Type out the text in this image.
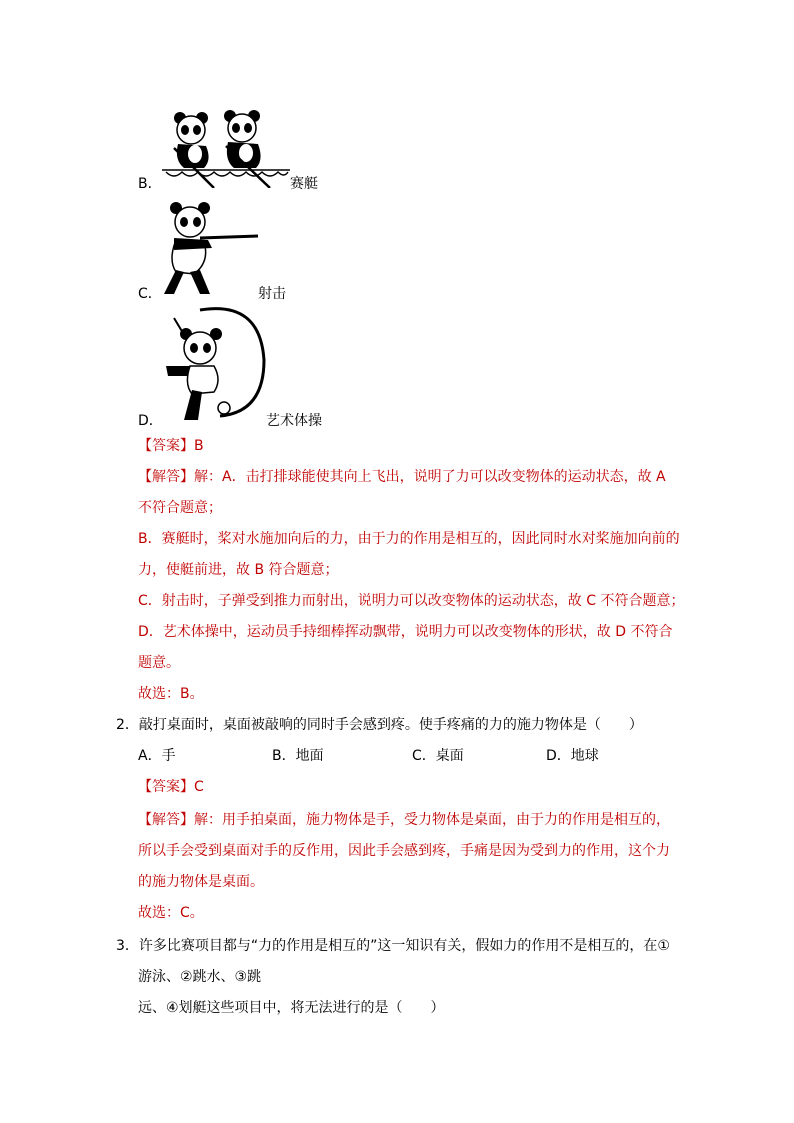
B．	赛艇
C．	射击
D．	艺术体操
【答案】B
【解答】解：A．击打排球能使其向上飞出，说明了力可以改变物体的运动状态，故 A
不符合题意；
B．赛艇时，桨对水施加向后的力，由于力的作用是相互的，因此同时水对桨施加向前的
力，使艇前进，故 B 符合题意；
C．射击时，子弹受到推力而射出，说明力可以改变物体的运动状态，故 C 不符合题意；
D．艺术体操中，运动员手持细棒挥动飘带，说明力可以改变物体的形状，故 D 不符合
题意。
故选：B。
2．敲打桌面时，桌面被敲响的同时手会感到疼。使手疼痛的力的施力物体是（　　）
A．手	B．地面	C．桌面	D．地球
【答案】C
【解答】解：用手拍桌面，施力物体是手，受力物体是桌面，由于力的作用是相互的，
所以手会受到桌面对手的反作用，因此手会感到疼，手痛是因为受到力的作用，这个力
的施力物体是桌面。
故选：C。
3．许多比赛项目都与“力的作用是相互的”这一知识有关，假如力的作用不是相互的，在①
游泳、②跳水、③跳
远、④划艇这些项目中，将无法进行的是（　　）
